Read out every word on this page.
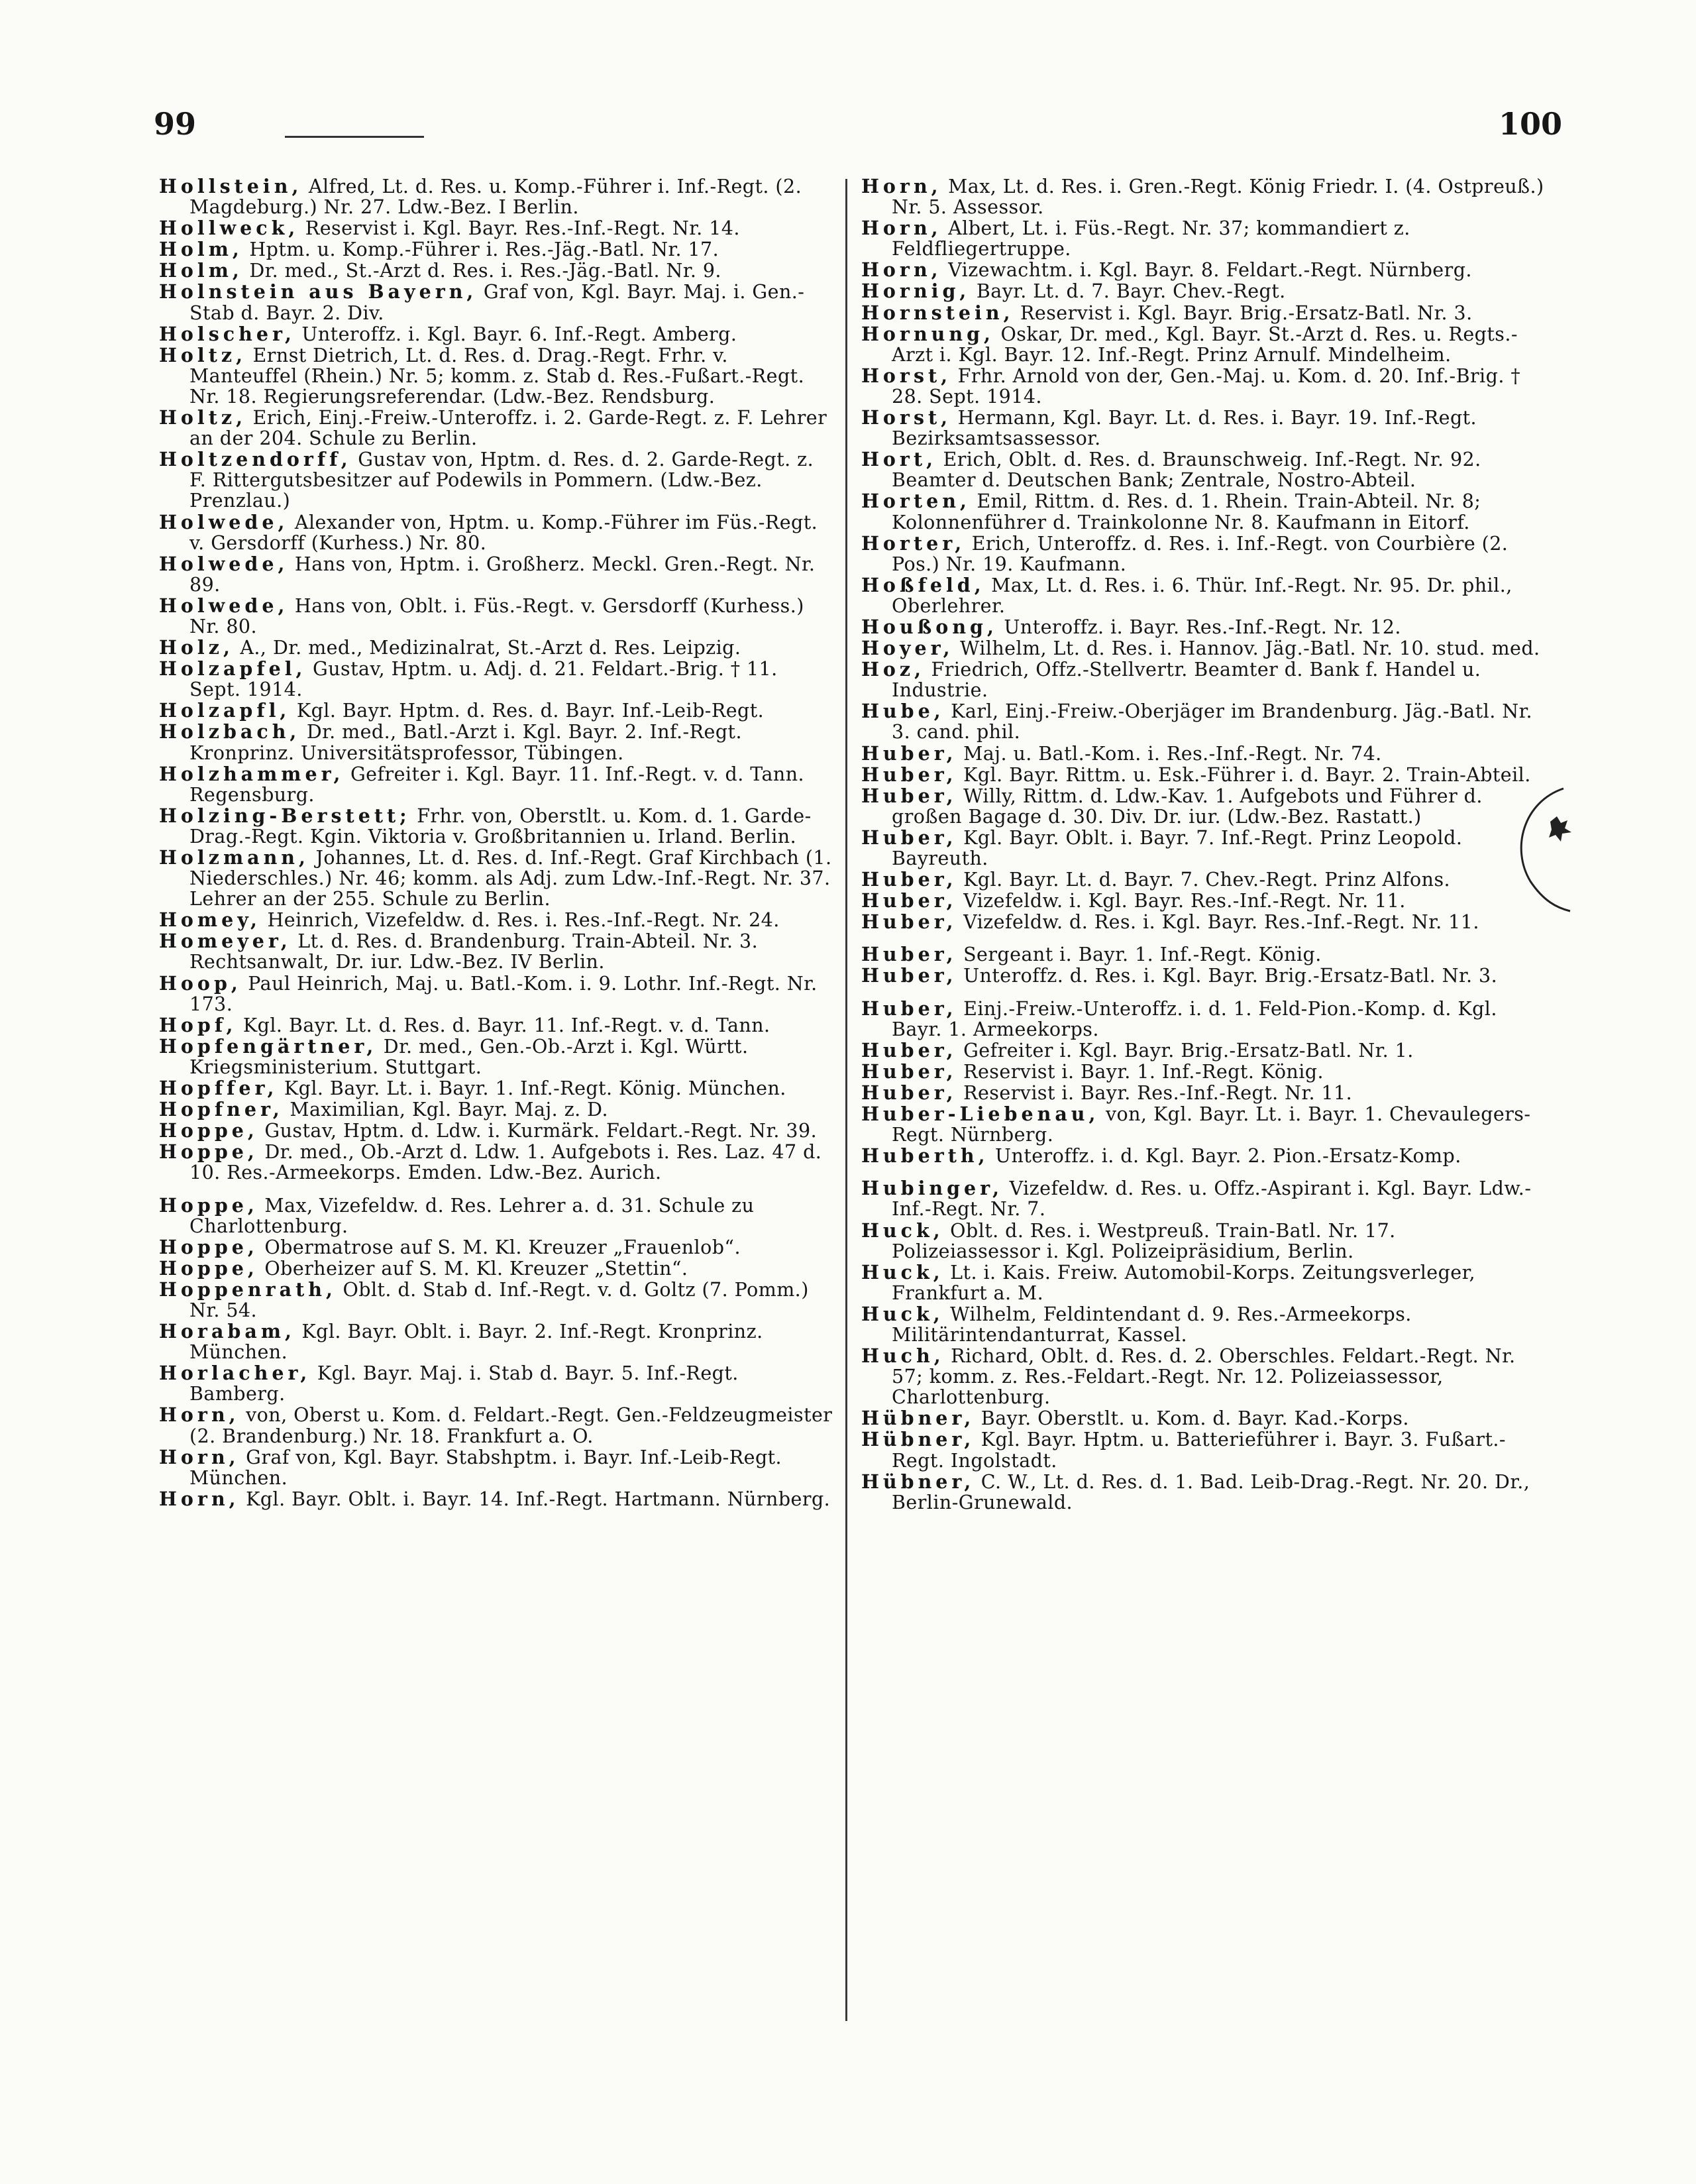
99	100
Hollstein, Alfred, Lt. d. Res. u. Komp.-Führer i. Inf.-Regt. (2. Magdeburg.) Nr. 27. Ldw.-Bez. I Berlin.
Hollweck, Reservist i. Kgl. Bayr. Res.-Inf.-Regt. Nr. 14.
Holm, Hptm. u. Komp.-Führer i. Res.-Jäg.-Batl. Nr. 17.
Holm, Dr. med., St.-Arzt d. Res. i. Res.-Jäg.-Batl. Nr. 9.
Holnstein aus Bayern, Graf von, Kgl. Bayr. Maj. i. Gen.-Stab d. Bayr. 2. Div.
Holscher, Unteroffz. i. Kgl. Bayr. 6. Inf.-Regt. Amberg.
Holtz, Ernst Dietrich, Lt. d. Res. d. Drag.-Regt. Frhr. v. Manteuffel (Rhein.) Nr. 5; komm. z. Stab d. Res.-Fußart.-Regt. Nr. 18. Regierungsreferendar. (Ldw.-Bez. Rendsburg.
Holtz, Erich, Einj.-Freiw.-Unteroffz. i. 2. Garde-Regt. z. F. Lehrer an der 204. Schule zu Berlin.
Holtzendorff, Gustav von, Hptm. d. Res. d. 2. Garde-Regt. z. F. Rittergutsbesitzer auf Podewils in Pommern. (Ldw.-Bez. Prenzlau.)
Holwede, Alexander von, Hptm. u. Komp.-Führer im Füs.-Regt. v. Gersdorff (Kurhess.) Nr. 80.
Holwede, Hans von, Hptm. i. Großherz. Meckl. Gren.-Regt. Nr. 89.
Holwede, Hans von, Oblt. i. Füs.-Regt. v. Gersdorff (Kurhess.) Nr. 80.
Holz, A., Dr. med., Medizinalrat, St.-Arzt d. Res. Leipzig.
Holzapfel, Gustav, Hptm. u. Adj. d. 21. Feldart.-Brig. † 11. Sept. 1914.
Holzapfl, Kgl. Bayr. Hptm. d. Res. d. Bayr. Inf.-Leib-Regt.
Holzbach, Dr. med., Batl.-Arzt i. Kgl. Bayr. 2. Inf.-Regt. Kronprinz. Universitätsprofessor, Tübingen.
Holzhammer, Gefreiter i. Kgl. Bayr. 11. Inf.-Regt. v. d. Tann. Regensburg.
Holzing-Berstett; Frhr. von, Oberstlt. u. Kom. d. 1. Garde-Drag.-Regt. Kgin. Viktoria v. Großbritannien u. Irland. Berlin.
Holzmann, Johannes, Lt. d. Res. d. Inf.-Regt. Graf Kirchbach (1. Niederschles.) Nr. 46; komm. als Adj. zum Ldw.-Inf.-Regt. Nr. 37. Lehrer an der 255. Schule zu Berlin.
Homey, Heinrich, Vizefeldw. d. Res. i. Res.-Inf.-Regt. Nr. 24.
Homeyer, Lt. d. Res. d. Brandenburg. Train-Abteil. Nr. 3. Rechtsanwalt, Dr. iur. Ldw.-Bez. IV Berlin.
Hoop, Paul Heinrich, Maj. u. Batl.-Kom. i. 9. Lothr. Inf.-Regt. Nr. 173.
Hopf, Kgl. Bayr. Lt. d. Res. d. Bayr. 11. Inf.-Regt. v. d. Tann.
Hopfengärtner, Dr. med., Gen.-Ob.-Arzt i. Kgl. Württ. Kriegsministerium. Stuttgart.
Hopffer, Kgl. Bayr. Lt. i. Bayr. 1. Inf.-Regt. König. München.
Hopfner, Maximilian, Kgl. Bayr. Maj. z. D.
Hoppe, Gustav, Hptm. d. Ldw. i. Kurmärk. Feldart.-Regt. Nr. 39.
Hoppe, Dr. med., Ob.-Arzt d. Ldw. 1. Aufgebots i. Res. Laz. 47 d. 10. Res.-Armeekorps. Emden. Ldw.-Bez. Aurich.
Hoppe, Max, Vizefeldw. d. Res. Lehrer a. d. 31. Schule zu Charlottenburg.
Hoppe, Obermatrose auf S. M. Kl. Kreuzer „Frauenlob“.
Hoppe, Oberheizer auf S. M. Kl. Kreuzer „Stettin“.
Hoppenrath, Oblt. d. Stab d. Inf.-Regt. v. d. Goltz (7. Pomm.) Nr. 54.
Horabam, Kgl. Bayr. Oblt. i. Bayr. 2. Inf.-Regt. Kronprinz. München.
Horlacher, Kgl. Bayr. Maj. i. Stab d. Bayr. 5. Inf.-Regt. Bamberg.
Horn, von, Oberst u. Kom. d. Feldart.-Regt. Gen.-Feldzeugmeister (2. Brandenburg.) Nr. 18. Frankfurt a. O.
Horn, Graf von, Kgl. Bayr. Stabshptm. i. Bayr. Inf.-Leib-Regt. München.
Horn, Kgl. Bayr. Oblt. i. Bayr. 14. Inf.-Regt. Hartmann. Nürnberg.
Horn, Max, Lt. d. Res. i. Gren.-Regt. König Friedr. I. (4. Ostpreuß.) Nr. 5. Assessor.
Horn, Albert, Lt. i. Füs.-Regt. Nr. 37; kommandiert z. Feldfliegertruppe.
Horn, Vizewachtm. i. Kgl. Bayr. 8. Feldart.-Regt. Nürnberg.
Hornig, Bayr. Lt. d. 7. Bayr. Chev.-Regt.
Hornstein, Reservist i. Kgl. Bayr. Brig.-Ersatz-Batl. Nr. 3.
Hornung, Oskar, Dr. med., Kgl. Bayr. St.-Arzt d. Res. u. Regts.-Arzt i. Kgl. Bayr. 12. Inf.-Regt. Prinz Arnulf. Mindelheim.
Horst, Frhr. Arnold von der, Gen.-Maj. u. Kom. d. 20. Inf.-Brig. † 28. Sept. 1914.
Horst, Hermann, Kgl. Bayr. Lt. d. Res. i. Bayr. 19. Inf.-Regt. Bezirksamtsassessor.
Hort, Erich, Oblt. d. Res. d. Braunschweig. Inf.-Regt. Nr. 92. Beamter d. Deutschen Bank; Zentrale, Nostro-Abteil.
Horten, Emil, Rittm. d. Res. d. 1. Rhein. Train-Abteil. Nr. 8; Kolonnenführer d. Trainkolonne Nr. 8. Kaufmann in Eitorf.
Horter, Erich, Unteroffz. d. Res. i. Inf.-Regt. von Courbière (2. Pos.) Nr. 19. Kaufmann.
Hoßfeld, Max, Lt. d. Res. i. 6. Thür. Inf.-Regt. Nr. 95. Dr. phil., Oberlehrer.
Houßong, Unteroffz. i. Bayr. Res.-Inf.-Regt. Nr. 12.
Hoyer, Wilhelm, Lt. d. Res. i. Hannov. Jäg.-Batl. Nr. 10. stud. med.
Hoz, Friedrich, Offz.-Stellvertr. Beamter d. Bank f. Handel u. Industrie.
Hube, Karl, Einj.-Freiw.-Oberjäger im Brandenburg. Jäg.-Batl. Nr. 3. cand. phil.
Huber, Maj. u. Batl.-Kom. i. Res.-Inf.-Regt. Nr. 74.
Huber, Kgl. Bayr. Rittm. u. Esk.-Führer i. d. Bayr. 2. Train-Abteil.
Huber, Willy, Rittm. d. Ldw.-Kav. 1. Aufgebots und Führer d. großen Bagage d. 30. Div. Dr. iur. (Ldw.-Bez. Rastatt.)
Huber, Kgl. Bayr. Oblt. i. Bayr. 7. Inf.-Regt. Prinz Leopold. Bayreuth.
Huber, Kgl. Bayr. Lt. d. Bayr. 7. Chev.-Regt. Prinz Alfons.
Huber, Vizefeldw. i. Kgl. Bayr. Res.-Inf.-Regt. Nr. 11.
Huber, Vizefeldw. d. Res. i. Kgl. Bayr. Res.-Inf.-Regt. Nr. 11.
Huber, Sergeant i. Bayr. 1. Inf.-Regt. König.
Huber, Unteroffz. d. Res. i. Kgl. Bayr. Brig.-Ersatz-Batl. Nr. 3.
Huber, Einj.-Freiw.-Unteroffz. i. d. 1. Feld-Pion.-Komp. d. Kgl. Bayr. 1. Armeekorps.
Huber, Gefreiter i. Kgl. Bayr. Brig.-Ersatz-Batl. Nr. 1.
Huber, Reservist i. Bayr. 1. Inf.-Regt. König.
Huber, Reservist i. Bayr. Res.-Inf.-Regt. Nr. 11.
Huber-Liebenau, von, Kgl. Bayr. Lt. i. Bayr. 1. Chevaulegers-Regt. Nürnberg.
Huberth, Unteroffz. i. d. Kgl. Bayr. 2. Pion.-Ersatz-Komp.
Hubinger, Vizefeldw. d. Res. u. Offz.-Aspirant i. Kgl. Bayr. Ldw.-Inf.-Regt. Nr. 7.
Huck, Oblt. d. Res. i. Westpreuß. Train-Batl. Nr. 17. Polizeiassessor i. Kgl. Polizeipräsidium, Berlin.
Huck, Lt. i. Kais. Freiw. Automobil-Korps. Zeitungsverleger, Frankfurt a. M.
Huck, Wilhelm, Feldintendant d. 9. Res.-Armeekorps. Militärintendanturrat, Kassel.
Huch, Richard, Oblt. d. Res. d. 2. Oberschles. Feldart.-Regt. Nr. 57; komm. z. Res.-Feldart.-Regt. Nr. 12. Polizeiassessor, Charlottenburg.
Hübner, Bayr. Oberstlt. u. Kom. d. Bayr. Kad.-Korps.
Hübner, Kgl. Bayr. Hptm. u. Batterieführer i. Bayr. 3. Fußart.-Regt. Ingolstadt.
Hübner, C. W., Lt. d. Res. d. 1. Bad. Leib-Drag.-Regt. Nr. 20. Dr., Berlin-Grunewald.
